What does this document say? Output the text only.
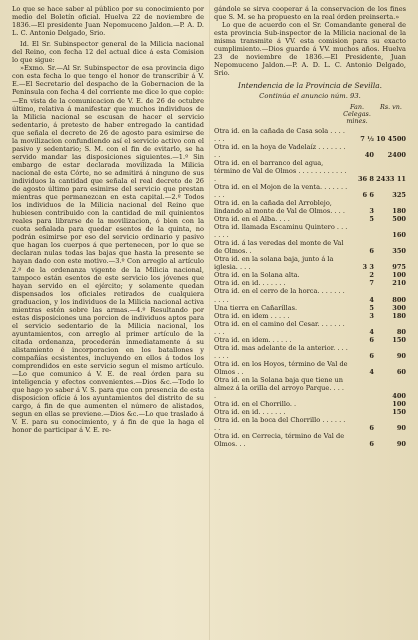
Lo que se hace saber al público por su conocimiento por medio del Boletín oficial. Huelva 22 de noviembre de 1836.—El presidente Juan Nepomuceno Jaldon.—P. A. D. L. C. Antonio Delgado, Srio.

Id. El Sr. Subinspector general de la Milicia nacional del Reino, con fecha 12 del actual dice á esta Comision lo que sigue:

»Exmo. Sr.—Al Sr. Subinspector de esa provincia digo con esta fecha lo que tengo el honor de transcribir á V. E.—El Secretario del despacho de la Gobernacion de la Peninsula con fecha 4 del corriente me dice lo que copio:—En vista de la comunicacion de V. E. de 26 de octubre último, relativa á manifestar que muchos individuos de la Milicia nacional se escusan de hacer el servicio sedentario, á pretesto de haber entregado la cantidad que señala el decreto de 26 de agosto para esimirse de la movilizacion confundiendo así el servicio activo con el pasivo y sedentario; S. M. con el fin de evitarlo, se ha servido mandar las disposiciones siguientes.—1.º Sin embargo de estar declarada movilizada la Milicia nacional de esta Córte, no se admitirá á ninguno de sus individuos la cantidad que señala el real decreto de 26 de agosto último para esimirse del servicio que prestan mientras que permanezcan en esta capital.—2.º Todos los individuos de la Milicia nacional del Reino que hubiesen contribuido con la cantidad de mil quinientos reales para librarse de la movilizacion, ó bien con la cuota señalada para quedar esentos de la quinta, no podrán esimirse por eso del servicio ordinario y pasivo que hagan los cuerpos á que pertenecen, por lo que se declaran nulas todas las bajas que hasta la presente se hayan dado con este motivo.—3.º Con arreglo al artículo 2.º de la ordenanza vigente de la Milicia nacional, tampoco están esentos de este servicio los jóvenes que hayan servido en el ejército; y solamente quedan dispensados los oficiales retirados de cualquiera graduacion, y los individuos de la Milicia nacional activa mientras estén sobre las armas.—4.º Resultando por estas disposiciones una porcion de individuos aptos para el servicio sedentario de la Milicia nacional, los ayuntamientos, con arreglo al primer artículo de la citada ordenanza, procederán inmediatamente á su alistamiento é incorporacion en los batallones y compañías ecsistentes, incluyendo en ellos á todos los comprendidos en este servicio segun el mismo artículo.—Lo que comunico á V. E. de real órden para su inteligencia y efectos convenientes.—Dios &c.—Todo lo que hago yo saber á V. S. para que con presencia de esta disposicion ofície á los ayuntamientos del distrito de su cargo, á fin de que aumenten el número de alistados, segun en ellas se previene.—Dios &c.—Lo que traslado á V. E. para su conocimiento, y á fin de que la haga el honor de participar á V. E. re-

gándole se sirva cooperar á la conservacion de los fines que S. M. se ha propuesto en la real órden preinserta.»

Lo que de acuerdo con el Sr. Comandante general de esta provincia Sub-inspector de la Milicia nacional de la misma transmite á VV. esta comision para su exacto cumplimiento.—Dios guarde á VV. muchos años. Huelva 23 de noviembre de 1836.—El Presidente, Juan Nepomuceno Jaldon.—P. A. D. L. C. Antonio Delgado, Srio.

Intendencia de la Provincia de Sevilla.
Continúa el anuncio núm. 93.
Fan. Celegas. mines.
Rs. vn.
Otra id. en la cañada de Casa sola . . . . . . .	7 ½ 10 4500
Otra id. en la hoya de Vadelaíz . . . . . . . . .	40	2400
Otra id. en el barranco del agua, término de Val de Olmos . . . . . . . . . . . . .	36 8 2433 11
Otra id. en el Mojon de la venta. . . . . . . . . .	6 6	325
Otra id. en la cañada del Arroblejo, lindando al monte de Val de Olmos. . . .	3	180
Otra id. en el Alba. . . .	5	500
Otra id. llamada Escaminu Quintero . . . . . . .	160
Otra id. á las veredas del monte de Val de Olmos. .	6	350
Otra id. en la solana baja, junto á la iglesia. . . .	3 3	975
Otra id. en la Solana alta.	2	100
Otra id. en id. . . . . . .	7	210
Otra id. en el cerro de la horca. . . . . . . . . . .	4	800
Una tierra en Cañaríllas.	5	300
Otra id. en idem . . . . .	3	180
Otra id. en el camino del Cesar. . . . . . . . . .	4	80
Otra id. en idem. . . . . .	6	150
Otra id. mas adelante de la anterior. . . . . . . .	6	90
Otra id. en los Hoyos, término de Val de Olmos . .	4	60
Otra id. en la Solana baja que tiene un almez á la orilla del arroyo Parque. . . . .	400
Otra id. en el Chorrillo. .	100
Otra id. en id. . . . . . .	150
Otra id. en la boca del Chorrillo . . . . . . . .	6	90
Otra id. en Cerrecia, término de Val de Olmos. . .	6	90
